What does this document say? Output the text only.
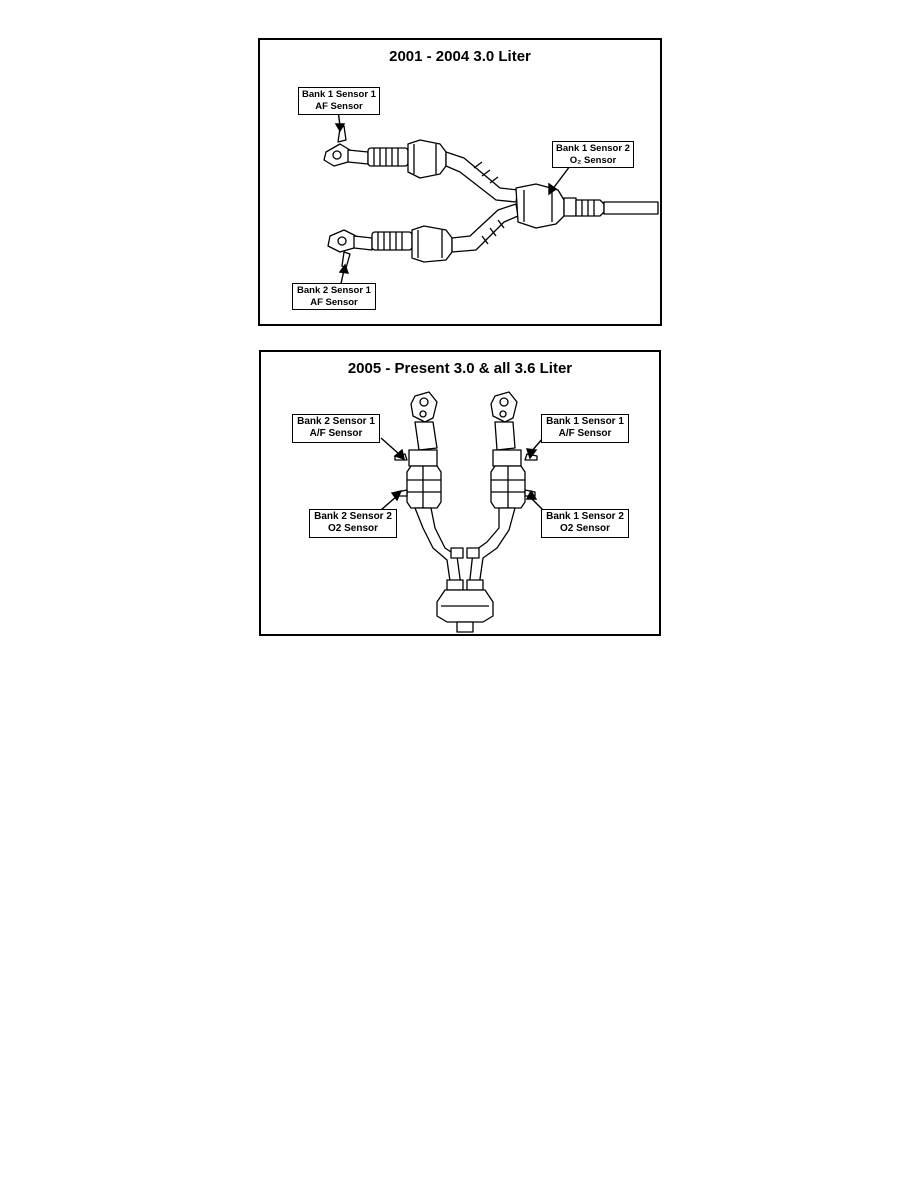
2001 - 2004 3.0 Liter
Bank 1 Sensor 1
AF Sensor
Bank 1 Sensor 2
O₂ Sensor
Bank 2 Sensor 1
AF Sensor
2005 - Present 3.0 & all 3.6 Liter
Bank 2 Sensor 1
A/F Sensor
Bank 1 Sensor 1
A/F Sensor
Bank 2 Sensor 2
O2 Sensor
Bank 1 Sensor 2
O2 Sensor
